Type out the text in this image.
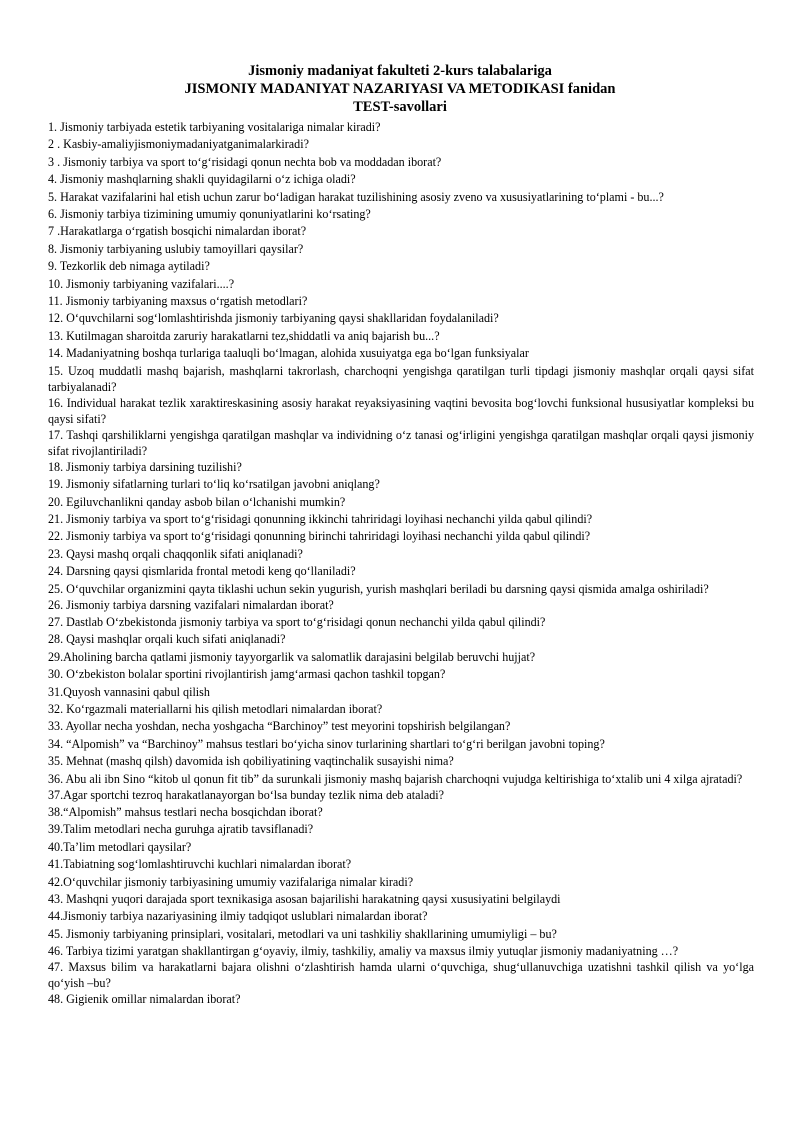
Jismoniy madaniyat fakulteti 2-kurs talabalariga
JISMONIY MADANIYAT NAZARIYASI VA METODIKASI fanidan
TEST-savollari
1. Jismoniy tarbiyada estetik tarbiyaning vositalariga nimalar kiradi?
2 . Kasbiy-amaliyjismoniymadaniyatganimalarkiradi?
3 . Jismoniy tarbiya va sport to‘g‘risidagi qonun nechta bob va moddadan iborat?
4. Jismoniy mashqlarning shakli quyidagilarni o‘z ichiga oladi?
5. Harakat vazifalarini hal etish uchun zarur bo‘ladigan harakat tuzilishining asosiy zveno va xususiyatlarining to‘plami - bu...?
6. Jismoniy tarbiya tizimining umumiy qonuniyatlarini ko‘rsating?
7 .Harakatlarga o‘rgatish bosqichi nimalardan iborat?
8. Jismoniy tarbiyaning uslubiy tamoyillari qaysilar?
9. Tezkorlik deb nimaga aytiladi?
10. Jismoniy tarbiyaning vazifalari....?
11. Jismoniy tarbiyaning maxsus o‘rgatish metodlari?
12. O‘quvchilarni sog‘lomlashtirishda jismoniy tarbiyaning qaysi shakllaridan foydalaniladi?
13. Kutilmagan sharoitda zaruriy harakatlarni tez,shiddatli va aniq bajarish bu...?
14. Madaniyatning boshqa turlariga taaluqli bo‘lmagan, alohida xusuiyatga ega bo‘lgan funksiyalar
15. Uzoq muddatli mashq bajarish, mashqlarni takrorlash, charchoqni yengishga qaratilgan turli tipdagi jismoniy mashqlar orqali qaysi sifat tarbiyalanadi?
16. Individual harakat tezlik xaraktireskasining asosiy harakat reyaksiyasining vaqtini bevosita bog‘lovchi funksional hususiyatlar kompleksi bu qaysi sifati?
17. Tashqi qarshiliklarni yengishga qaratilgan mashqlar va individning o‘z tanasi og‘irligini yengishga qaratilgan mashqlar orqali qaysi jismoniy sifat rivojlantiriladi?
18. Jismoniy tarbiya darsining tuzilishi?
19. Jismoniy sifatlarning turlari to‘liq ko‘rsatilgan javobni aniqlang?
20. Egiluvchanlikni qanday asbob bilan o‘lchanishi mumkin?
21. Jismoniy tarbiya va sport to‘g‘risidagi qonunning ikkinchi tahriridagi loyihasi nechanchi yilda qabul qilindi?
22. Jismoniy tarbiya va sport to‘g‘risidagi qonunning birinchi tahriridagi loyihasi nechanchi yilda qabul qilindi?
23. Qaysi mashq orqali chaqqonlik sifati aniqlanadi?
24. Darsning qaysi qismlarida frontal metodi keng qo‘llaniladi?
25. O‘quvchilar organizmini qayta tiklashi uchun sekin yugurish, yurish mashqlari beriladi bu darsning qaysi qismida amalga oshiriladi?
26. Jismoniy tarbiya darsning vazifalari nimalardan iborat?
27. Dastlab O‘zbekistonda jismoniy tarbiya va sport to‘g‘risidagi qonun nechanchi yilda qabul qilindi?
28. Qaysi mashqlar orqali kuch sifati aniqlanadi?
29.Aholining barcha qatlami jismoniy tayyorgarlik va salomatlik darajasini belgilab beruvchi hujjat?
30. O‘zbekiston bolalar sportini rivojlantirish jamg‘armasi qachon tashkil topgan?
31.Quyosh vannasini qabul qilish
32. Ko‘rgazmali materiallarni his qilish metodlari nimalardan iborat?
33. Ayollar necha yoshdan, necha yoshgacha “Barchinoy” test meyorini topshirish belgilangan?
34. “Alpomish” va “Barchinoy” mahsus testlari bo‘yicha sinov turlarining shartlari to‘g‘ri berilgan javobni toping?
35. Mehnat (mashq qilsh) davomida ish qobiliyatining vaqtinchalik susayishi nima?
36. Abu ali ibn Sino “kitob ul qonun fit tib” da surunkali jismoniy mashq bajarish charchoqni vujudga keltirishiga to‘xtalib uni 4 xilga ajratadi?
37.Agar sportchi tezroq harakatlanayorgan bo‘lsa bunday tezlik nima deb ataladi?
38.“Alpomish” mahsus testlari necha bosqichdan iborat?
39.Talim metodlari necha guruhga ajratib tavsiflanadi?
40.Ta’lim metodlari qaysilar?
41.Tabiatning sog‘lomlashtiruvchi kuchlari nimalardan iborat?
42.O‘quvchilar jismoniy tarbiyasining umumiy vazifalariga nimalar kiradi?
43. Mashqni yuqori darajada sport texnikasiga asosan bajarilishi harakatning qaysi xususiyatini belgilaydi
44.Jismoniy tarbiya nazariyasining ilmiy tadqiqot uslublari nimalardan iborat?
45. Jismoniy tarbiyaning prinsiplari, vositalari, metodlari va uni tashkiliy shakllarining umumiyligi – bu?
46. Tarbiya tizimi yaratgan shakllantirgan g‘oyaviy, ilmiy, tashkiliy, amaliy va maxsus ilmiy yutuqlar jismoniy madaniyatning …?
47. Maxsus bilim va harakatlarni bajara olishni o‘zlashtirish hamda ularni o‘quvchiga, shug‘ullanuvchiga uzatishni tashkil qilish va yo‘lga qo‘yish –bu?
48. Gigienik omillar nimalardan iborat?
